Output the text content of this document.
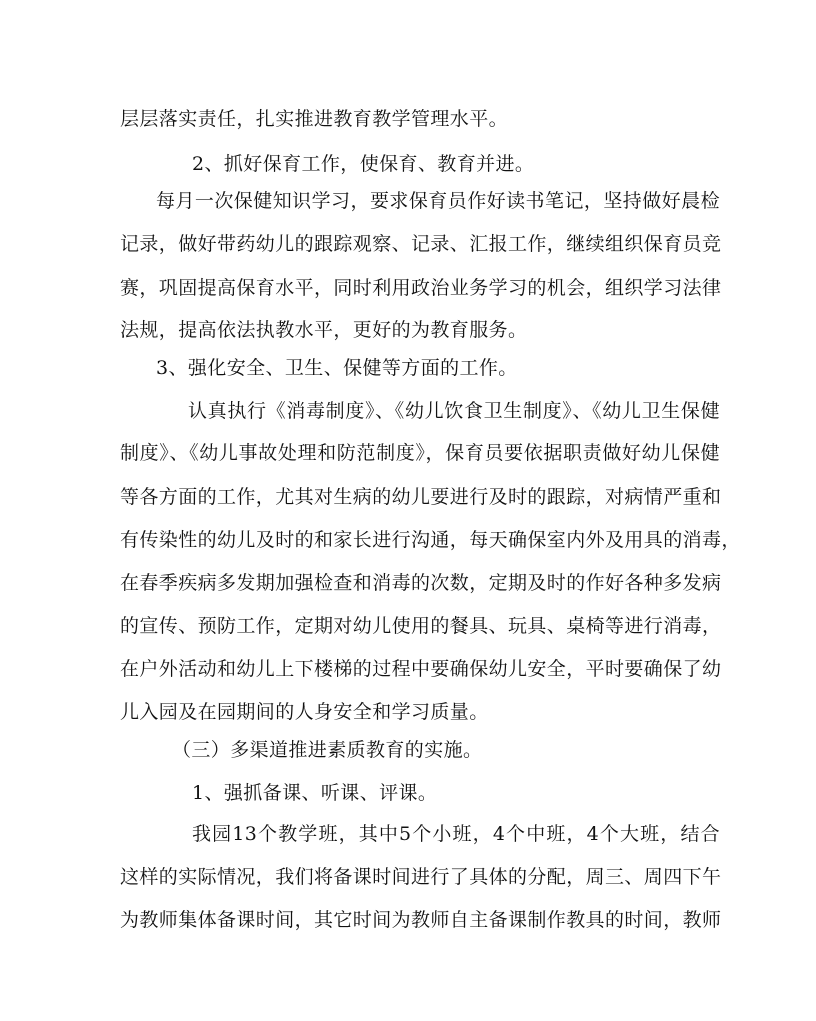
层层落实责任，扎实推进教育教学管理水平。
2、抓好保育工作，使保育、教育并进。
每月一次保健知识学习，要求保育员作好读书笔记，坚持做好晨检
记录，做好带药幼儿的跟踪观察、记录、汇报工作，继续组织保育员竞
赛，巩固提高保育水平，同时利用政治业务学习的机会，组织学习法律
法规，提高依法执教水平，更好的为教育服务。
3、强化安全、卫生、保健等方面的工作。
认真执行《消毒制度》、《幼儿饮食卫生制度》、《幼儿卫生保健
制度》、《幼儿事故处理和防范制度》，保育员要依据职责做好幼儿保健
等各方面的工作，尤其对生病的幼儿要进行及时的跟踪，对病情严重和
有传染性的幼儿及时的和家长进行沟通，每天确保室内外及用具的消毒，
在春季疾病多发期加强检查和消毒的次数，定期及时的作好各种多发病
的宣传、预防工作，定期对幼儿使用的餐具、玩具、桌椅等进行消毒，
在户外活动和幼儿上下楼梯的过程中要确保幼儿安全，平时要确保了幼
儿入园及在园期间的人身安全和学习质量。
（三）多渠道推进素质教育的实施。
1、强抓备课、听课、评课。
我园13个教学班，其中5个小班，4个中班，4个大班，结合
这样的实际情况，我们将备课时间进行了具体的分配，周三、周四下午
为教师集体备课时间，其它时间为教师自主备课制作教具的时间，教师
